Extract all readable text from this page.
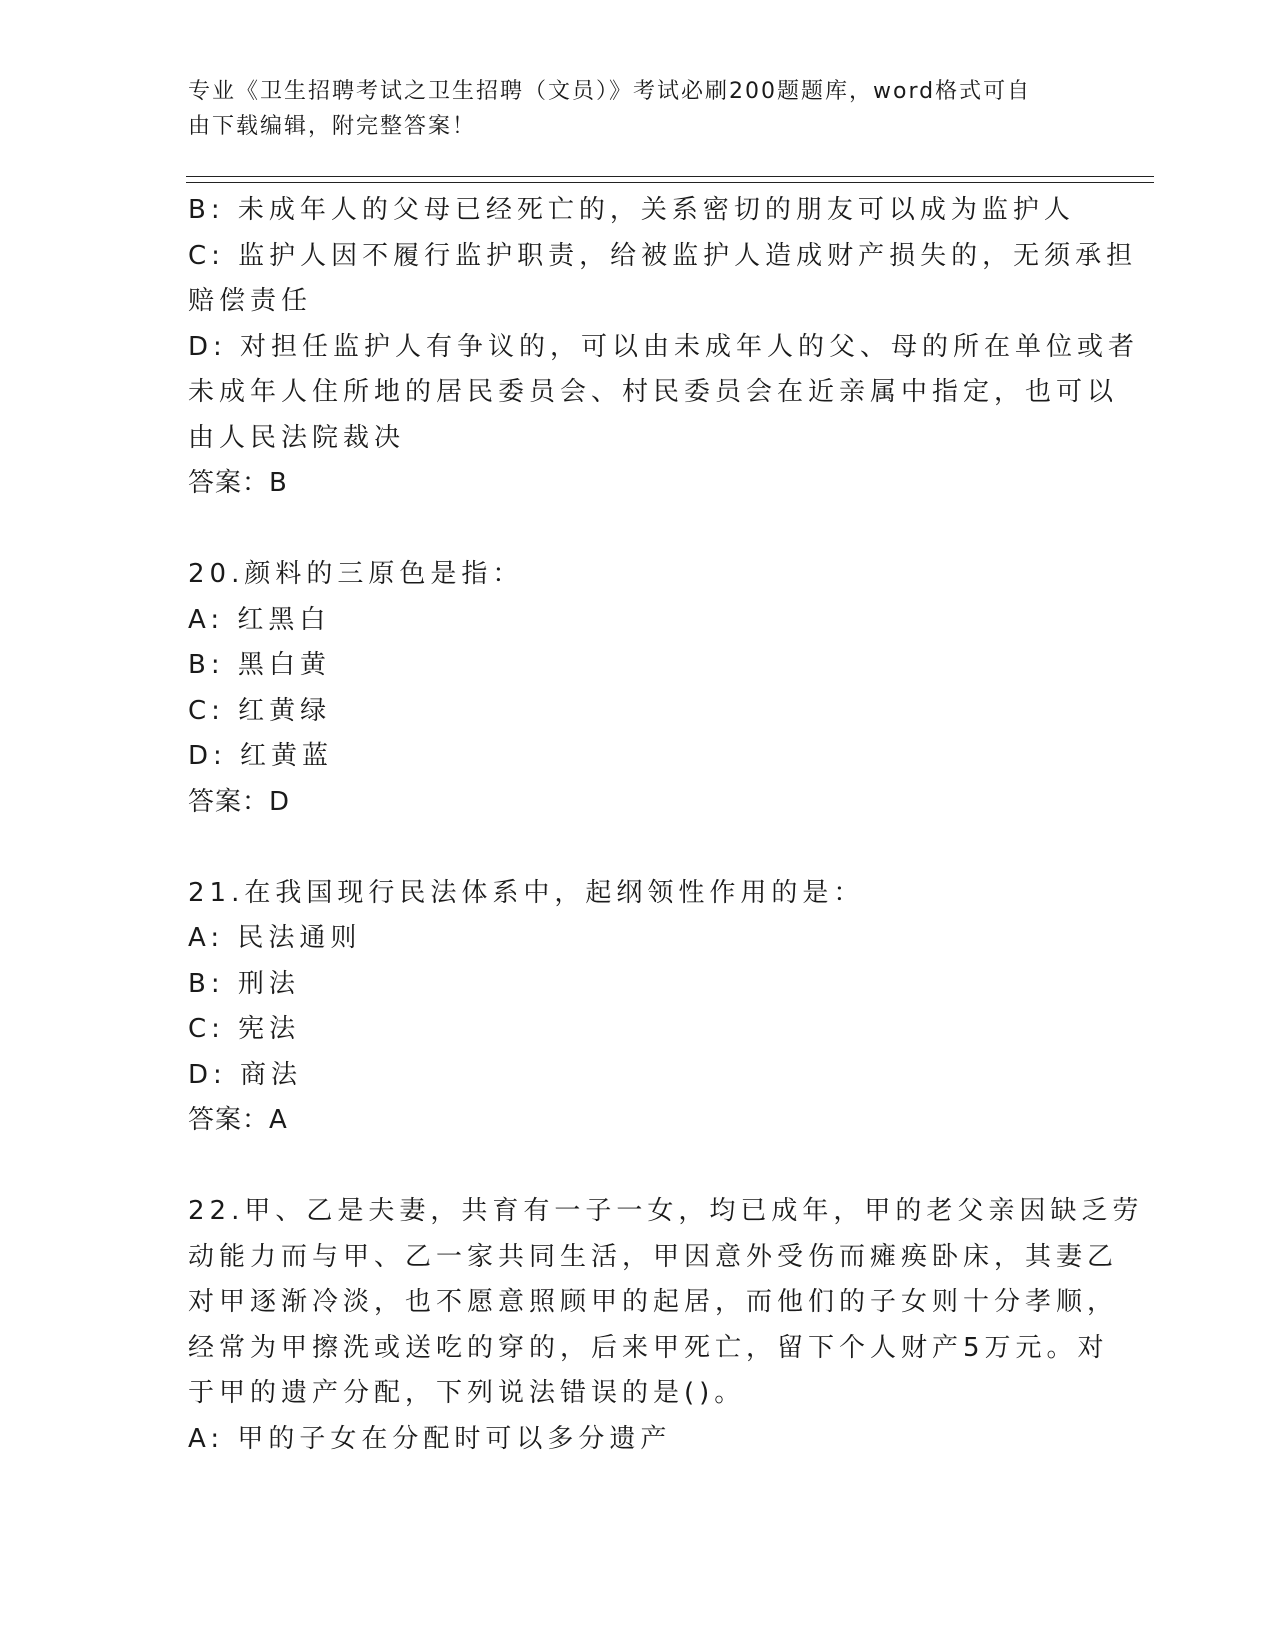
专业《卫生招聘考试之卫生招聘（文员）》考试必刷200题题库，word格式可自
由下载编辑，附完整答案！
B: 未成年人的父母已经死亡的，关系密切的朋友可以成为监护人
C: 监护人因不履行监护职责，给被监护人造成财产损失的，无须承担
赔偿责任
D: 对担任监护人有争议的，可以由未成年人的父、母的所在单位或者
未成年人住所地的居民委员会、村民委员会在近亲属中指定，也可以
由人民法院裁决
答案：B
20.颜料的三原色是指：
A: 红黑白
B: 黑白黄
C: 红黄绿
D: 红黄蓝
答案：D
21.在我国现行民法体系中，起纲领性作用的是：
A: 民法通则
B: 刑法
C: 宪法
D: 商法
答案：A
22.甲、乙是夫妻，共育有一子一女，均已成年，甲的老父亲因缺乏劳
动能力而与甲、乙一家共同生活，甲因意外受伤而瘫痪卧床，其妻乙
对甲逐渐冷淡，也不愿意照顾甲的起居，而他们的子女则十分孝顺，
经常为甲擦洗或送吃的穿的，后来甲死亡，留下个人财产5万元。对
于甲的遗产分配，下列说法错误的是()。
A: 甲的子女在分配时可以多分遗产
